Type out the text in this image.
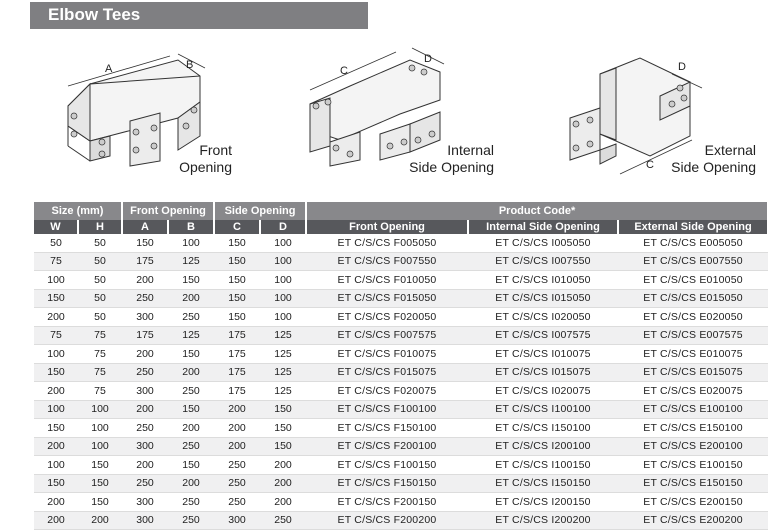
Elbow Tees
A	B
Front
Opening
C
D
Internal
Side Opening	C
D
External
Side Opening
Size (mm)		Front Opening		Side Opening		Product Code*		
W	H	A	B	C	D	Front Opening	Internal Side Opening	External Side Opening
50	50	150	100	150	100	ET C/S/CS F005050	ET C/S/CS I005050	ET C/S/CS E005050
75	50	175	125	150	100	ET C/S/CS F007550	ET C/S/CS I007550	ET C/S/CS E007550
100	50	200	150	150	100	ET C/S/CS F010050	ET C/S/CS I010050	ET C/S/CS E010050
150	50	250	200	150	100	ET C/S/CS F015050	ET C/S/CS I015050	ET C/S/CS E015050
200	50	300	250	150	100	ET C/S/CS F020050	ET C/S/CS I020050	ET C/S/CS E020050
75	75	175	125	175	125	ET C/S/CS F007575	ET C/S/CS I007575	ET C/S/CS E007575
100	75	200	150	175	125	ET C/S/CS F010075	ET C/S/CS I010075	ET C/S/CS E010075
150	75	250	200	175	125	ET C/S/CS F015075	ET C/S/CS I015075	ET C/S/CS E015075
200	75	300	250	175	125	ET C/S/CS F020075	ET C/S/CS I020075	ET C/S/CS E020075
100	100	200	150	200	150	ET C/S/CS F100100	ET C/S/CS I100100	ET C/S/CS E100100
150	100	250	200	200	150	ET C/S/CS F150100	ET C/S/CS I150100	ET C/S/CS E150100
200	100	300	250	200	150	ET C/S/CS F200100	ET C/S/CS I200100	ET C/S/CS E200100
100	150	200	150	250	200	ET C/S/CS F100150	ET C/S/CS I100150	ET C/S/CS E100150
150	150	250	200	250	200	ET C/S/CS F150150	ET C/S/CS I150150	ET C/S/CS E150150
200	150	300	250	250	200	ET C/S/CS F200150	ET C/S/CS I200150	ET C/S/CS E200150
200	200	300	250	300	250	ET C/S/CS F200200	ET C/S/CS I200200	ET C/S/CS E200200
